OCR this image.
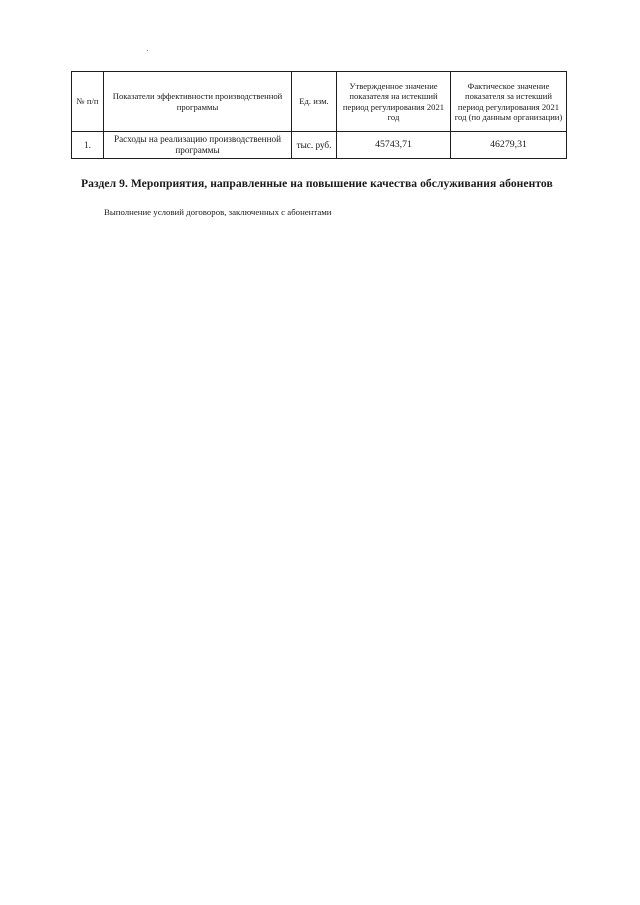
№ п/п	Показатели эффективности производственной программы	Ед. изм.	Утвержденное значение показателя на истекший период регулирования 2021 год	Фактическое значение показателя за истекший период регулирования 2021 год (по данным организации)
1.	Расходы на реализацию производственной программы	тыс. руб.	45743,71	46279,31
Раздел 9. Мероприятия, направленные на повышение качества обслуживания абонентов

Выполнение условий договоров, заключенных с абонентами
